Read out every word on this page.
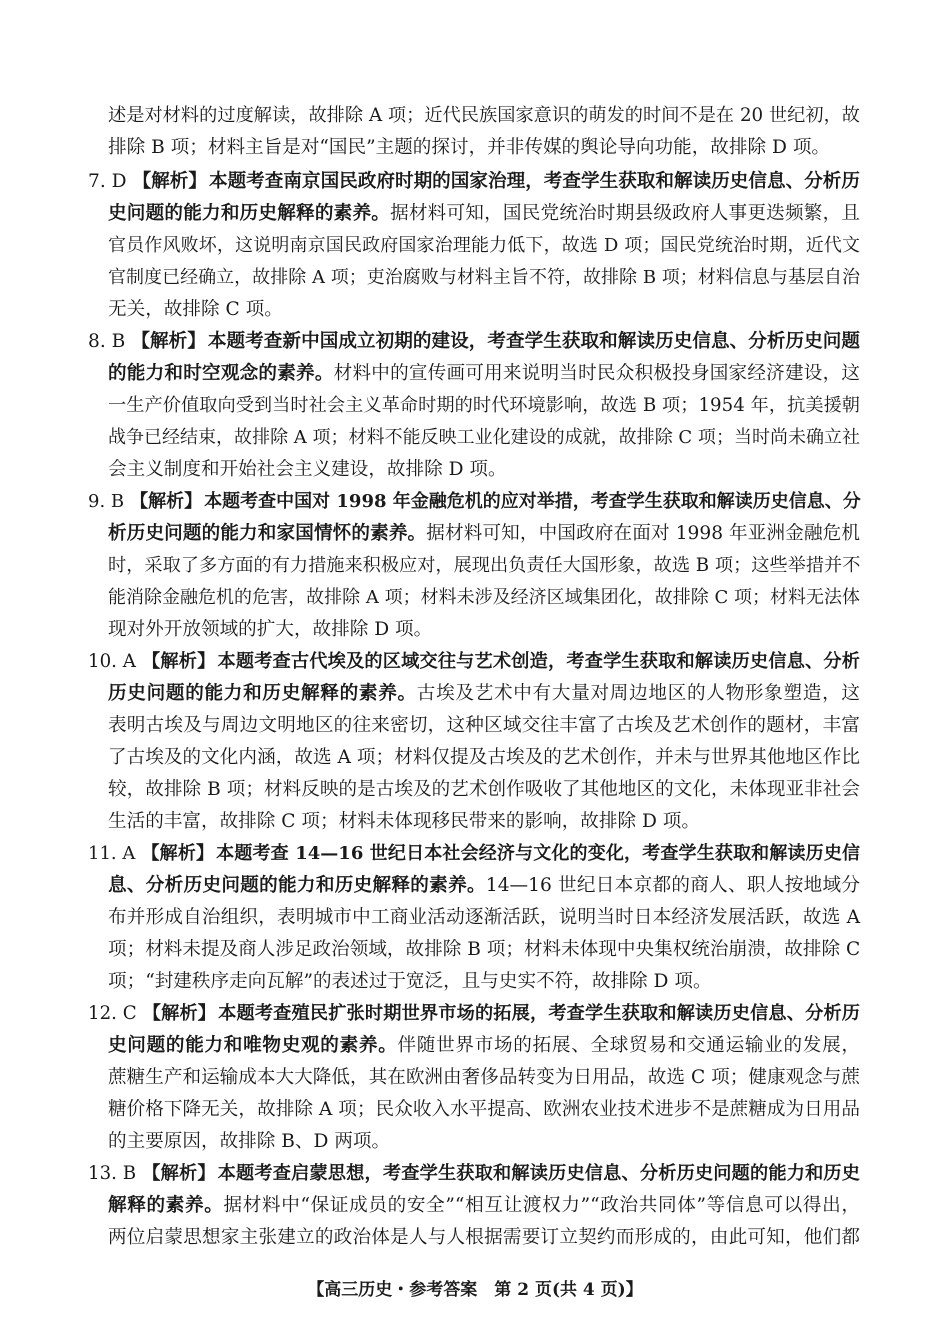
述是对材料的过度解读，故排除 A 项；近代民族国家意识的萌发的时间不是在 20 世纪初，故
排除 B 项；材料主旨是对“国民”主题的探讨，并非传媒的舆论导向功能，故排除 D 项。
7. D 【解析】 本题考查南京国民政府时期的国家治理，考查学生获取和解读历史信息、分析历
史问题的能力和历史解释的素养。据材料可知，国民党统治时期县级政府人事更迭频繁，且
官员作风败坏，这说明南京国民政府国家治理能力低下，故选 D 项；国民党统治时期，近代文
官制度已经确立，故排除 A 项；吏治腐败与材料主旨不符，故排除 B 项；材料信息与基层自治
无关，故排除 C 项。
8. B 【解析】 本题考查新中国成立初期的建设，考查学生获取和解读历史信息、分析历史问题
的能力和时空观念的素养。材料中的宣传画可用来说明当时民众积极投身国家经济建设，这
一生产价值取向受到当时社会主义革命时期的时代环境影响，故选 B 项；1954 年，抗美援朝
战争已经结束，故排除 A 项；材料不能反映工业化建设的成就，故排除 C 项；当时尚未确立社
会主义制度和开始社会主义建设，故排除 D 项。
9. B 【解析】 本题考查中国对 1998 年金融危机的应对举措，考查学生获取和解读历史信息、分
析历史问题的能力和家国情怀的素养。据材料可知，中国政府在面对 1998 年亚洲金融危机
时，采取了多方面的有力措施来积极应对，展现出负责任大国形象，故选 B 项；这些举措并不
能消除金融危机的危害，故排除 A 项；材料未涉及经济区域集团化，故排除 C 项；材料无法体
现对外开放领域的扩大，故排除 D 项。
10. A 【解析】 本题考查古代埃及的区域交往与艺术创造，考查学生获取和解读历史信息、分析
历史问题的能力和历史解释的素养。古埃及艺术中有大量对周边地区的人物形象塑造，这
表明古埃及与周边文明地区的往来密切，这种区域交往丰富了古埃及艺术创作的题材，丰富
了古埃及的文化内涵，故选 A 项；材料仅提及古埃及的艺术创作，并未与世界其他地区作比
较，故排除 B 项；材料反映的是古埃及的艺术创作吸收了其他地区的文化，未体现亚非社会
生活的丰富，故排除 C 项；材料未体现移民带来的影响，故排除 D 项。
11. A 【解析】 本题考查 14—16 世纪日本社会经济与文化的变化，考查学生获取和解读历史信
息、分析历史问题的能力和历史解释的素养。14—16 世纪日本京都的商人、职人按地域分
布并形成自治组织，表明城市中工商业活动逐渐活跃，说明当时日本经济发展活跃，故选 A
项；材料未提及商人涉足政治领域，故排除 B 项；材料未体现中央集权统治崩溃，故排除 C
项；“封建秩序走向瓦解”的表述过于宽泛，且与史实不符，故排除 D 项。
12. C 【解析】 本题考查殖民扩张时期世界市场的拓展，考查学生获取和解读历史信息、分析历
史问题的能力和唯物史观的素养。伴随世界市场的拓展、全球贸易和交通运输业的发展，
蔗糖生产和运输成本大大降低，其在欧洲由奢侈品转变为日用品，故选 C 项；健康观念与蔗
糖价格下降无关，故排除 A 项；民众收入水平提高、欧洲农业技术进步不是蔗糖成为日用品
的主要原因，故排除 B、D 两项。
13. B 【解析】 本题考查启蒙思想，考查学生获取和解读历史信息、分析历史问题的能力和历史
解释的素养。据材料中“保证成员的安全”“相互让渡权力”“政治共同体”等信息可以得出，
两位启蒙思想家主张建立的政治体是人与人根据需要订立契约而形成的，由此可知，他们都
【高三历史・参考答案　第 2 页(共 4 页)】
